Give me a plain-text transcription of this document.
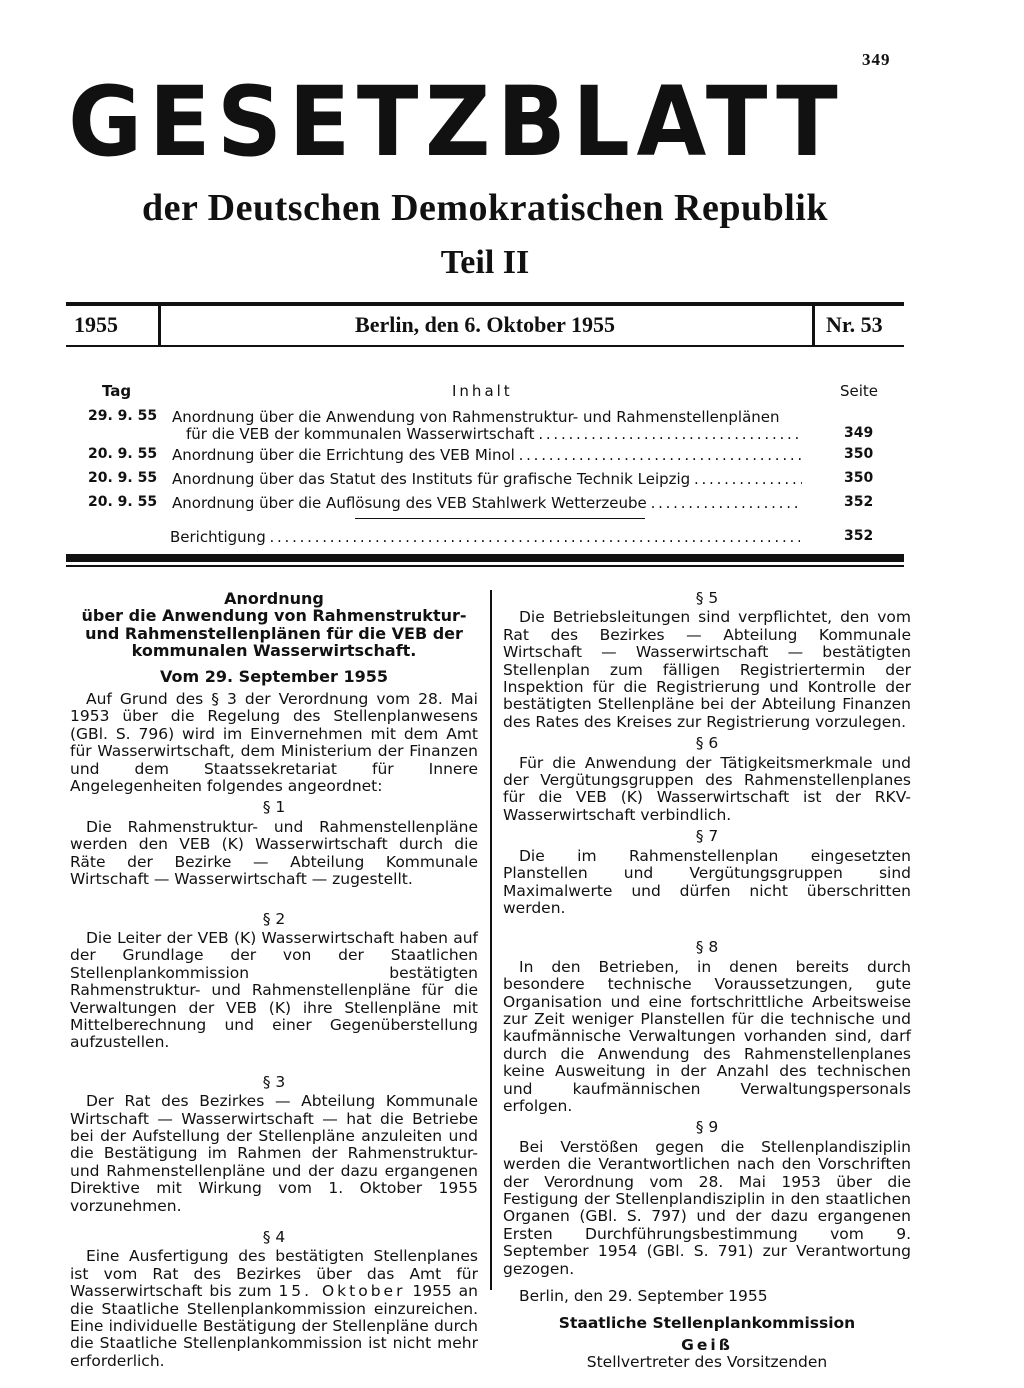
349
GESETZBLATT
der Deutschen Demokratischen Republik
Teil II
1955	Berlin, den 6. Oktober 1955	Nr. 53
Tag	Inhalt	Seite
29. 9. 55 Anordnung über die Anwendung von Rahmenstruktur- und Rahmenstellenplänen
für die VEB der kommunalen Wasserwirtschaft . . .	349
20. 9. 55 Anordnung über die Errichtung des VEB Minol . . .	350
20. 9. 55 Anordnung über das Statut des Instituts für grafische Technik Leipzig . . .	350
20. 9. 55 Anordnung über die Auflösung des VEB Stahlwerk Wetterzeube . . .	352
Berichtigung . . .	352
Anordnung
über die Anwendung von Rahmenstruktur- und Rahmenstellenplänen für die VEB der kommunalen Wasserwirtschaft.
Vom 29. September 1955

Auf Grund des § 3 der Verordnung vom 28. Mai 1953 über die Regelung des Stellenplanwesens (GBl. S. 796) wird im Einvernehmen mit dem Amt für Wasserwirtschaft, dem Ministerium der Finanzen und dem Staatssekretariat für Innere Angelegenheiten folgendes angeordnet:

§ 1

Die Rahmenstruktur- und Rahmenstellenpläne werden den VEB (K) Wasserwirtschaft durch die Räte der Bezirke — Abteilung Kommunale Wirtschaft — Wasserwirtschaft — zugestellt.

§ 2

Die Leiter der VEB (K) Wasserwirtschaft haben auf der Grundlage der von der Staatlichen Stellenplankommission bestätigten Rahmenstruktur- und Rahmenstellenpläne für die Verwaltungen der VEB (K) ihre Stellenpläne mit Mittelberechnung und einer Gegenüberstellung aufzustellen.

§ 3

Der Rat des Bezirkes — Abteilung Kommunale Wirtschaft — Wasserwirtschaft — hat die Betriebe bei der Aufstellung der Stellenpläne anzuleiten und die Bestätigung im Rahmen der Rahmenstruktur- und Rahmenstellenpläne und der dazu ergangenen Direktive mit Wirkung vom 1. Oktober 1955 vorzunehmen.

§ 4

Eine Ausfertigung des bestätigten Stellenplanes ist vom Rat des Bezirkes über das Amt für Wasserwirtschaft bis zum 15. Oktober 1955 an die Staatliche Stellenplankommission einzureichen. Eine individuelle Bestätigung der Stellenpläne durch die Staatliche Stellenplankommission ist nicht mehr erforderlich.

§ 5

Die Betriebsleitungen sind verpflichtet, den vom Rat des Bezirkes — Abteilung Kommunale Wirtschaft — Wasserwirtschaft — bestätigten Stellenplan zum fälligen Registriertermin der Inspektion für die Registrierung und Kontrolle der bestätigten Stellenpläne bei der Abteilung Finanzen des Rates des Kreises zur Registrierung vorzulegen.

§ 6

Für die Anwendung der Tätigkeitsmerkmale und der Vergütungsgruppen des Rahmenstellenplanes für die VEB (K) Wasserwirtschaft ist der RKV-Wasserwirtschaft verbindlich.

§ 7

Die im Rahmenstellenplan eingesetzten Planstellen und Vergütungsgruppen sind Maximalwerte und dürfen nicht überschritten werden.

§ 8

In den Betrieben, in denen bereits durch besondere technische Voraussetzungen, gute Organisation und eine fortschrittliche Arbeitsweise zur Zeit weniger Planstellen für die technische und kaufmännische Verwaltungen vorhanden sind, darf durch die Anwendung des Rahmenstellenplanes keine Ausweitung in der Anzahl des technischen und kaufmännischen Verwaltungspersonals erfolgen.

§ 9

Bei Verstößen gegen die Stellenplandisziplin werden die Verantwortlichen nach den Vorschriften der Verordnung vom 28. Mai 1953 über die Festigung der Stellenplandisziplin in den staatlichen Organen (GBl. S. 797) und der dazu ergangenen Ersten Durchführungsbestimmung vom 9. September 1954 (GBl. S. 791) zur Verantwortung gezogen.

Berlin, den 29. September 1955

Staatliche Stellenplankommission
Geiß
Stellvertreter des Vorsitzenden
